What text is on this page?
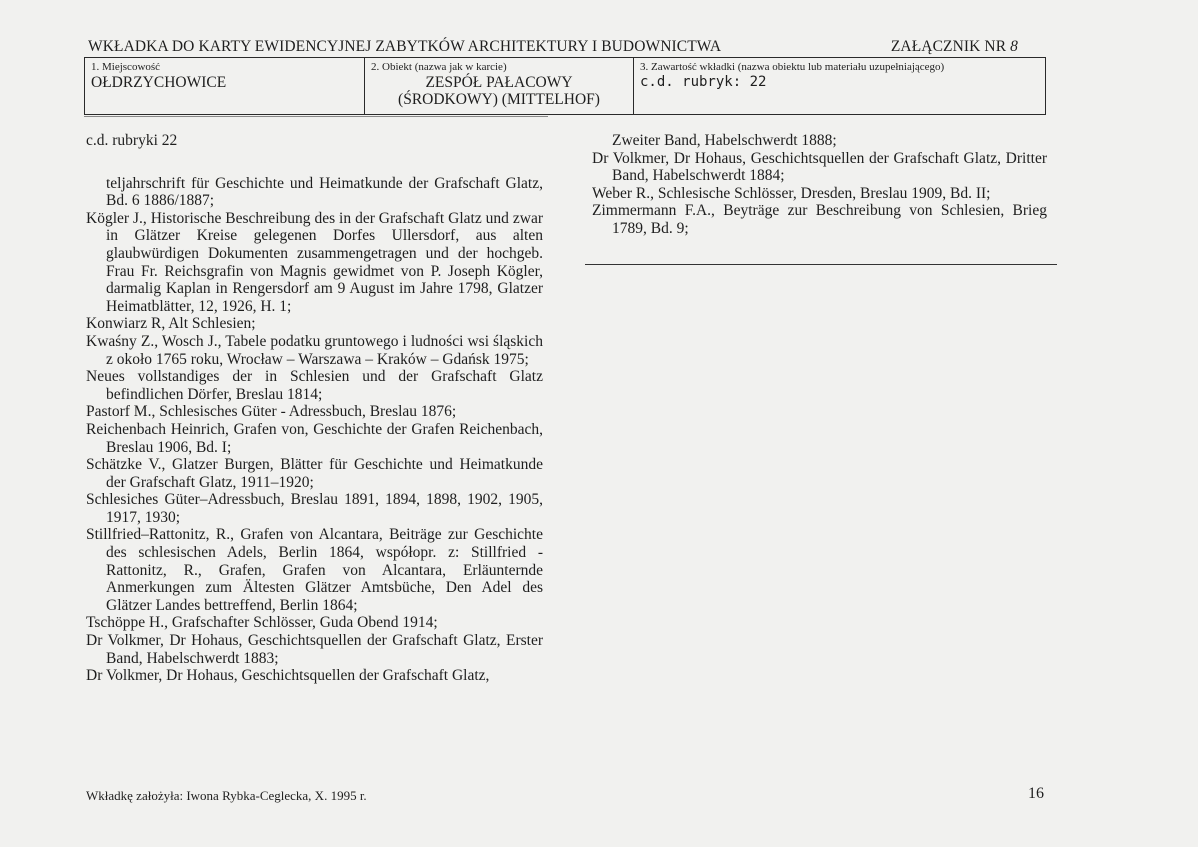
WKŁADKA DO KARTY EWIDENCYJNEJ ZABYTKÓW ARCHITEKTURY I BUDOWNICTWA	ZAŁĄCZNIK NR 8
1. Miejscowość
OŁDRZYCHOWICE
2. Obiekt (nazwa jak w karcie)
ZESPÓŁ PAŁACOWY
(ŚRODKOWY) (MITTELHOF)
3. Zawartość wkładki (nazwa obiektu lub materiału uzupełniającego)
c.d. rubryk: 22

c.d. rubryki 22

teljahrschrift für Geschichte und Heimatkunde der Grafschaft Glatz, Bd. 6 1886/1887;

Kögler J., Historische Beschreibung des in der Grafschaft Glatz und zwar in Glätzer Kreise gelegenen Dorfes Ullersdorf, aus alten glaubwürdigen Dokumenten zusammengetragen und der hochgeb. Frau Fr. Reichsgrafin von Magnis gewidmet von P. Joseph Kögler, darmalig Kaplan in Rengersdorf am 9 August im Jahre 1798, Glatzer Heimatblätter, 12, 1926, H. 1;

Konwiarz R, Alt Schlesien;

Kwaśny Z., Wosch J., Tabele podatku gruntowego i ludności wsi śląskich z około 1765 roku, Wrocław – Warszawa – Kraków – Gdańsk 1975;

Neues vollstandiges der in Schlesien und der Grafschaft Glatz befindlichen Dörfer, Breslau 1814;

Pastorf M., Schlesisches Güter - Adressbuch, Breslau 1876;

Reichenbach Heinrich, Grafen von, Geschichte der Grafen Reichenbach, Breslau 1906, Bd. I;

Schätzke V., Glatzer Burgen, Blätter für Geschichte und Heimatkunde der Grafschaft Glatz, 1911–1920;

Schlesiches Güter–Adressbuch, Breslau 1891, 1894, 1898, 1902, 1905, 1917, 1930;

Stillfried–Rattonitz, R., Grafen von Alcantara, Beiträge zur Geschichte des schlesischen Adels, Berlin 1864, współopr. z: Stillfried - Rattonitz, R., Grafen, Grafen von Alcantara, Erläunternde Anmerkungen zum Ältesten Glätzer Amtsbüche, Den Adel des Glätzer Landes bettreffend, Berlin 1864;

Tschöppe H., Grafschafter Schlösser, Guda Obend 1914;

Dr Volkmer, Dr Hohaus, Geschichtsquellen der Grafschaft Glatz, Erster Band, Habelschwerdt 1883;

Dr Volkmer, Dr Hohaus, Geschichtsquellen der Grafschaft Glatz,

Zweiter Band, Habelschwerdt 1888;

Dr Volkmer, Dr Hohaus, Geschichtsquellen der Grafschaft Glatz, Dritter Band, Habelschwerdt 1884;

Weber R., Schlesische Schlösser, Dresden, Breslau 1909, Bd. II;

Zimmermann F.A., Beyträge zur Beschreibung von Schlesien, Brieg 1789, Bd. 9;

Wkładkę założyła: Iwona Rybka-Ceglecka, X. 1995 r.	16
